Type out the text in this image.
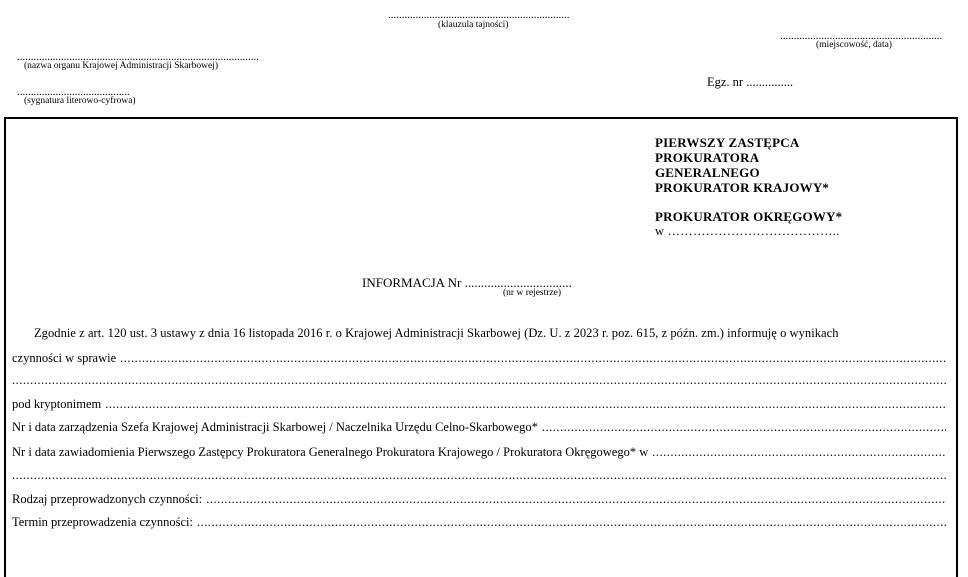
..................................................................
(klauzula tajności)
...........................................................
(miejscowość, data)
........................................................................................
(nazwa organu Krajowej Administracji Skarbowej)
Egz. nr ...............
.........................................
(sygnatura literowo-cyfrowa)
PIERWSZY ZASTĘPCA
PROKURATORA
GENERALNEGO
PROKURATOR KRAJOWY*
PROKURATOR OKRĘGOWY*
w …………………………………..
INFORMACJA Nr .................................
(nr w rejestrze)
Zgodnie z art. 120 ust. 3 ustawy z dnia 16 listopada 2016 r. o Krajowej Administracji Skarbowej (Dz. U. z 2023 r. poz. 615, z późn. zm.) informuję o wynikach
czynności w sprawie
.....
.....
pod kryptonimem
.....
Nr i data zarządzenia Szefa Krajowej Administracji Skarbowej / Naczelnika Urzędu Celno-Skarbowego*
.....
Nr i data zawiadomienia Pierwszego Zastępcy Prokuratora Generalnego Prokuratora Krajowego / Prokuratora Okręgowego* w
.....
.....
Rodzaj przeprowadzonych czynności:
.....
Termin przeprowadzenia czynności:
.....
